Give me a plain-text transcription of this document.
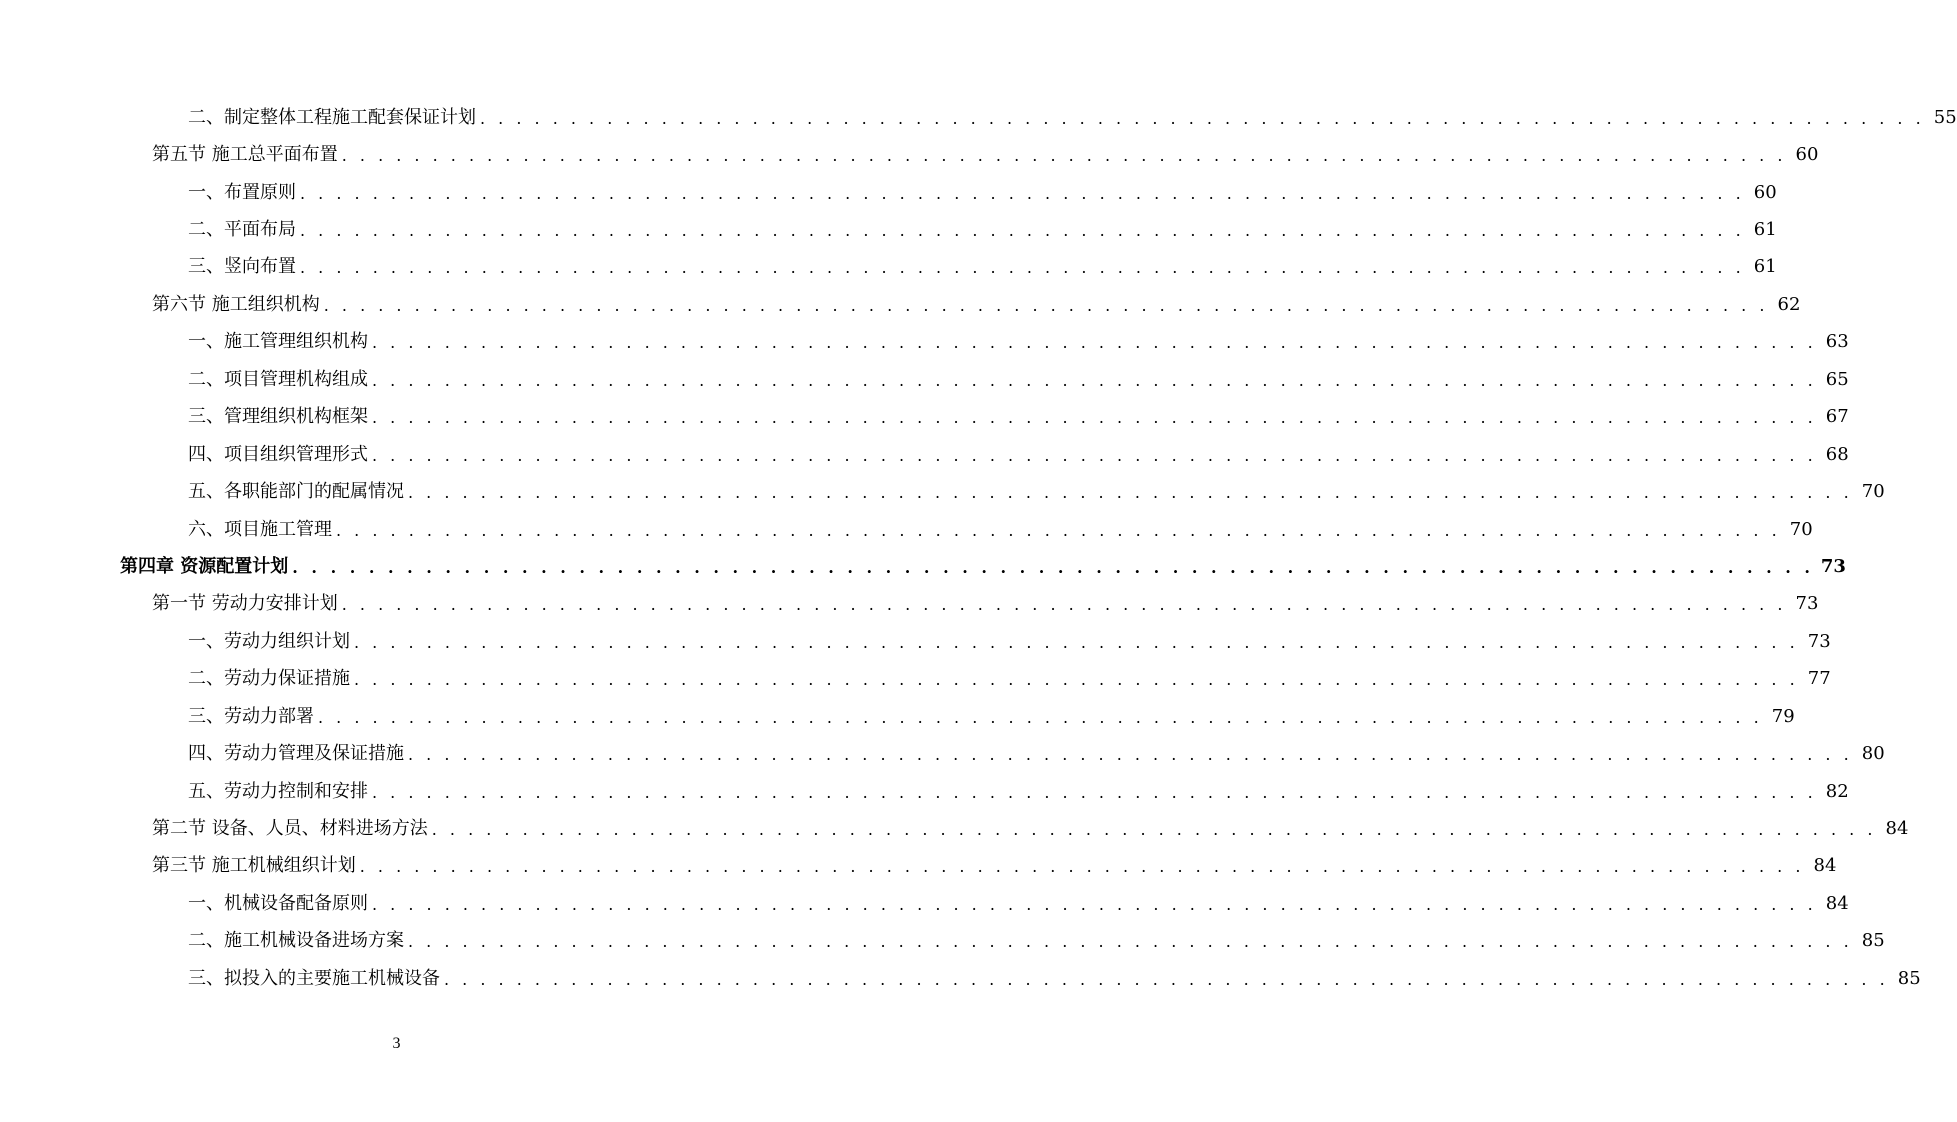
二、制定整体工程施工配套保证计划 . . . . . . . . . . . . . . . . . . . . . . . . . . . . . . . . . . . . . . . . . . . . . . . . . . . . . . . . . . . . . . . . . . . . . . . . . . . . . . . . 55
第五节 施工总平面布置 . . . . . . . . . . . . . . . . . . . . . . . . . . . . . . . . . . . . . . . . . . . . . . . . . . . . . . . . . . . . . . . . . . . . . . . . . . . . . . . . 60
一、布置原则 . . . . . . . . . . . . . . . . . . . . . . . . . . . . . . . . . . . . . . . . . . . . . . . . . . . . . . . . . . . . . . . . . . . . . . . . . . . . . . . . 60
二、平面布局 . . . . . . . . . . . . . . . . . . . . . . . . . . . . . . . . . . . . . . . . . . . . . . . . . . . . . . . . . . . . . . . . . . . . . . . . . . . . . . . . 61
三、竖向布置 . . . . . . . . . . . . . . . . . . . . . . . . . . . . . . . . . . . . . . . . . . . . . . . . . . . . . . . . . . . . . . . . . . . . . . . . . . . . . . . . 61
第六节 施工组织机构 . . . . . . . . . . . . . . . . . . . . . . . . . . . . . . . . . . . . . . . . . . . . . . . . . . . . . . . . . . . . . . . . . . . . . . . . . . . . . . . . 62
一、施工管理组织机构 . . . . . . . . . . . . . . . . . . . . . . . . . . . . . . . . . . . . . . . . . . . . . . . . . . . . . . . . . . . . . . . . . . . . . . . . . . . . . . . . 63
二、项目管理机构组成 . . . . . . . . . . . . . . . . . . . . . . . . . . . . . . . . . . . . . . . . . . . . . . . . . . . . . . . . . . . . . . . . . . . . . . . . . . . . . . . . 65
三、管理组织机构框架 . . . . . . . . . . . . . . . . . . . . . . . . . . . . . . . . . . . . . . . . . . . . . . . . . . . . . . . . . . . . . . . . . . . . . . . . . . . . . . . . 67
四、项目组织管理形式 . . . . . . . . . . . . . . . . . . . . . . . . . . . . . . . . . . . . . . . . . . . . . . . . . . . . . . . . . . . . . . . . . . . . . . . . . . . . . . . . 68
五、各职能部门的配属情况 . . . . . . . . . . . . . . . . . . . . . . . . . . . . . . . . . . . . . . . . . . . . . . . . . . . . . . . . . . . . . . . . . . . . . . . . . . . . . . . . 70
六、项目施工管理 . . . . . . . . . . . . . . . . . . . . . . . . . . . . . . . . . . . . . . . . . . . . . . . . . . . . . . . . . . . . . . . . . . . . . . . . . . . . . . . . 70
第四章 资源配置计划 . . . . . . . . . . . . . . . . . . . . . . . . . . . . . . . . . . . . . . . . . . . . . . . . . . . . . . . . . . . . . . . . . . . . . . . . . . . . . . . . 73
第一节 劳动力安排计划 . . . . . . . . . . . . . . . . . . . . . . . . . . . . . . . . . . . . . . . . . . . . . . . . . . . . . . . . . . . . . . . . . . . . . . . . . . . . . . . . 73
一、劳动力组织计划 . . . . . . . . . . . . . . . . . . . . . . . . . . . . . . . . . . . . . . . . . . . . . . . . . . . . . . . . . . . . . . . . . . . . . . . . . . . . . . . . 73
二、劳动力保证措施 . . . . . . . . . . . . . . . . . . . . . . . . . . . . . . . . . . . . . . . . . . . . . . . . . . . . . . . . . . . . . . . . . . . . . . . . . . . . . . . . 77
三、劳动力部署 . . . . . . . . . . . . . . . . . . . . . . . . . . . . . . . . . . . . . . . . . . . . . . . . . . . . . . . . . . . . . . . . . . . . . . . . . . . . . . . . 79
四、劳动力管理及保证措施 . . . . . . . . . . . . . . . . . . . . . . . . . . . . . . . . . . . . . . . . . . . . . . . . . . . . . . . . . . . . . . . . . . . . . . . . . . . . . . . . 80
五、劳动力控制和安排 . . . . . . . . . . . . . . . . . . . . . . . . . . . . . . . . . . . . . . . . . . . . . . . . . . . . . . . . . . . . . . . . . . . . . . . . . . . . . . . . 82
第二节 设备、人员、材料进场方法 . . . . . . . . . . . . . . . . . . . . . . . . . . . . . . . . . . . . . . . . . . . . . . . . . . . . . . . . . . . . . . . . . . . . . . . . . . . . . . . . 84
第三节 施工机械组织计划 . . . . . . . . . . . . . . . . . . . . . . . . . . . . . . . . . . . . . . . . . . . . . . . . . . . . . . . . . . . . . . . . . . . . . . . . . . . . . . . . 84
一、机械设备配备原则 . . . . . . . . . . . . . . . . . . . . . . . . . . . . . . . . . . . . . . . . . . . . . . . . . . . . . . . . . . . . . . . . . . . . . . . . . . . . . . . . 84
二、施工机械设备进场方案 . . . . . . . . . . . . . . . . . . . . . . . . . . . . . . . . . . . . . . . . . . . . . . . . . . . . . . . . . . . . . . . . . . . . . . . . . . . . . . . . 85
三、拟投入的主要施工机械设备 . . . . . . . . . . . . . . . . . . . . . . . . . . . . . . . . . . . . . . . . . . . . . . . . . . . . . . . . . . . . . . . . . . . . . . . . . . . . . . . . 85
3
